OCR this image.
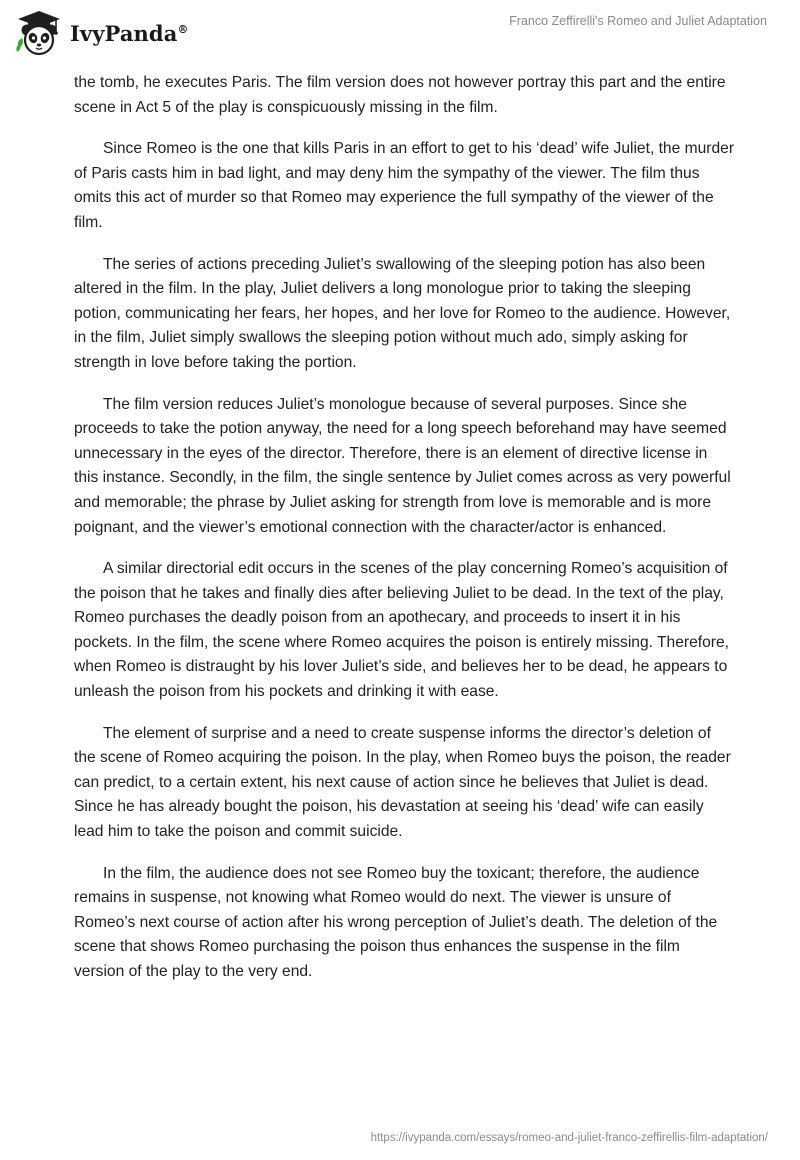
IvyPanda®
Franco Zeffirelli's Romeo and Juliet Adaptation

the tomb, he executes Paris. The film version does not however portray this part and the entire scene in Act 5 of the play is conspicuously missing in the film.

Since Romeo is the one that kills Paris in an effort to get to his ‘dead’ wife Juliet, the murder of Paris casts him in bad light, and may deny him the sympathy of the viewer. The film thus omits this act of murder so that Romeo may experience the full sympathy of the viewer of the film.

The series of actions preceding Juliet’s swallowing of the sleeping potion has also been altered in the film. In the play, Juliet delivers a long monologue prior to taking the sleeping potion, communicating her fears, her hopes, and her love for Romeo to the audience. However, in the film, Juliet simply swallows the sleeping potion without much ado, simply asking for strength in love before taking the portion.

The film version reduces Juliet’s monologue because of several purposes. Since she proceeds to take the potion anyway, the need for a long speech beforehand may have seemed unnecessary in the eyes of the director. Therefore, there is an element of directive license in this instance. Secondly, in the film, the single sentence by Juliet comes across as very powerful and memorable; the phrase by Juliet asking for strength from love is memorable and is more poignant, and the viewer’s emotional connection with the character/actor is enhanced.

A similar directorial edit occurs in the scenes of the play concerning Romeo’s acquisition of the poison that he takes and finally dies after believing Juliet to be dead. In the text of the play, Romeo purchases the deadly poison from an apothecary, and proceeds to insert it in his pockets. In the film, the scene where Romeo acquires the poison is entirely missing. Therefore, when Romeo is distraught by his lover Juliet’s side, and believes her to be dead, he appears to unleash the poison from his pockets and drinking it with ease.

The element of surprise and a need to create suspense informs the director’s deletion of the scene of Romeo acquiring the poison. In the play, when Romeo buys the poison, the reader can predict, to a certain extent, his next cause of action since he believes that Juliet is dead. Since he has already bought the poison, his devastation at seeing his ‘dead’ wife can easily lead him to take the poison and commit suicide.

In the film, the audience does not see Romeo buy the toxicant; therefore, the audience remains in suspense, not knowing what Romeo would do next. The viewer is unsure of Romeo’s next course of action after his wrong perception of Juliet’s death. The deletion of the scene that shows Romeo purchasing the poison thus enhances the suspense in the film version of the play to the very end.

https://ivypanda.com/essays/romeo-and-juliet-franco-zeffirellis-film-adaptation/
